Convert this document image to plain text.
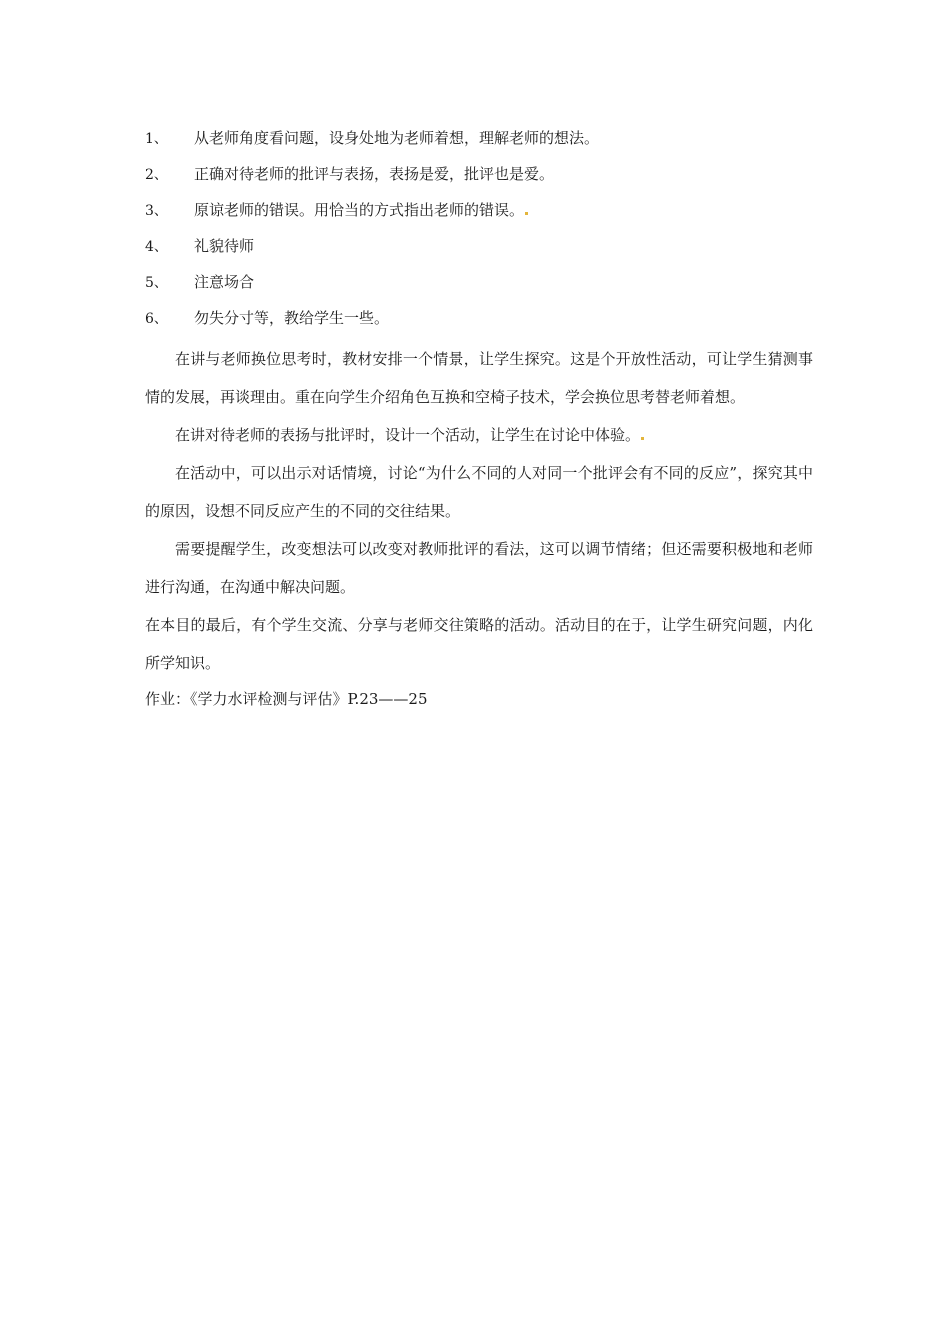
1、 从老师角度看问题，设身处地为老师着想，理解老师的想法。
2、 正确对待老师的批评与表扬，表扬是爱，批评也是爱。
3、 原谅老师的错误。用恰当的方式指出老师的错误。
4、 礼貌待师
5、 注意场合
6、 勿失分寸等，教给学生一些。

在讲与老师换位思考时，教材安排一个情景，让学生探究。这是个开放性活动，可让学生猜测事情的发展，再谈理由。重在向学生介绍角色互换和空椅子技术，学会换位思考替老师着想。

在讲对待老师的表扬与批评时，设计一个活动，让学生在讨论中体验。

在活动中，可以出示对话情境，讨论“为什么不同的人对同一个批评会有不同的反应”，探究其中的原因，设想不同反应产生的不同的交往结果。

需要提醒学生，改变想法可以改变对教师批评的看法，这可以调节情绪；但还需要积极地和老师进行沟通，在沟通中解决问题。

在本目的最后，有个学生交流、分享与老师交往策略的活动。活动目的在于，让学生研究问题，内化所学知识。

作业：《学力水评检测与评估》P.23——25
